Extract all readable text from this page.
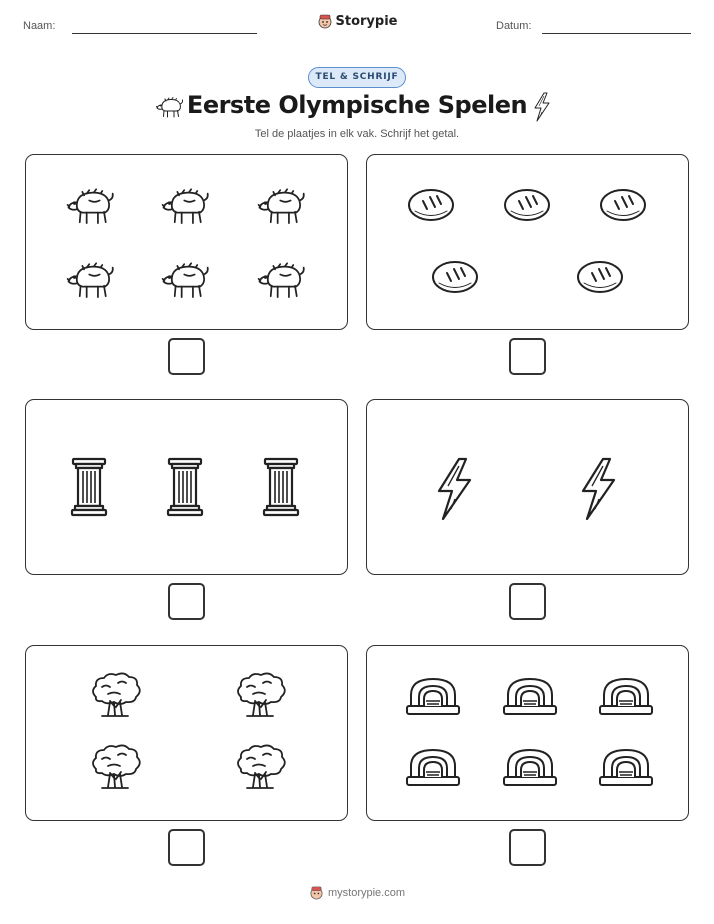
Naam:	Storypie	Datum:
TEL & SCHRIJF
Eerste Olympische Spelen
Tel de plaatjes in elk vak. Schrijf het getal.
mystorypie.com
